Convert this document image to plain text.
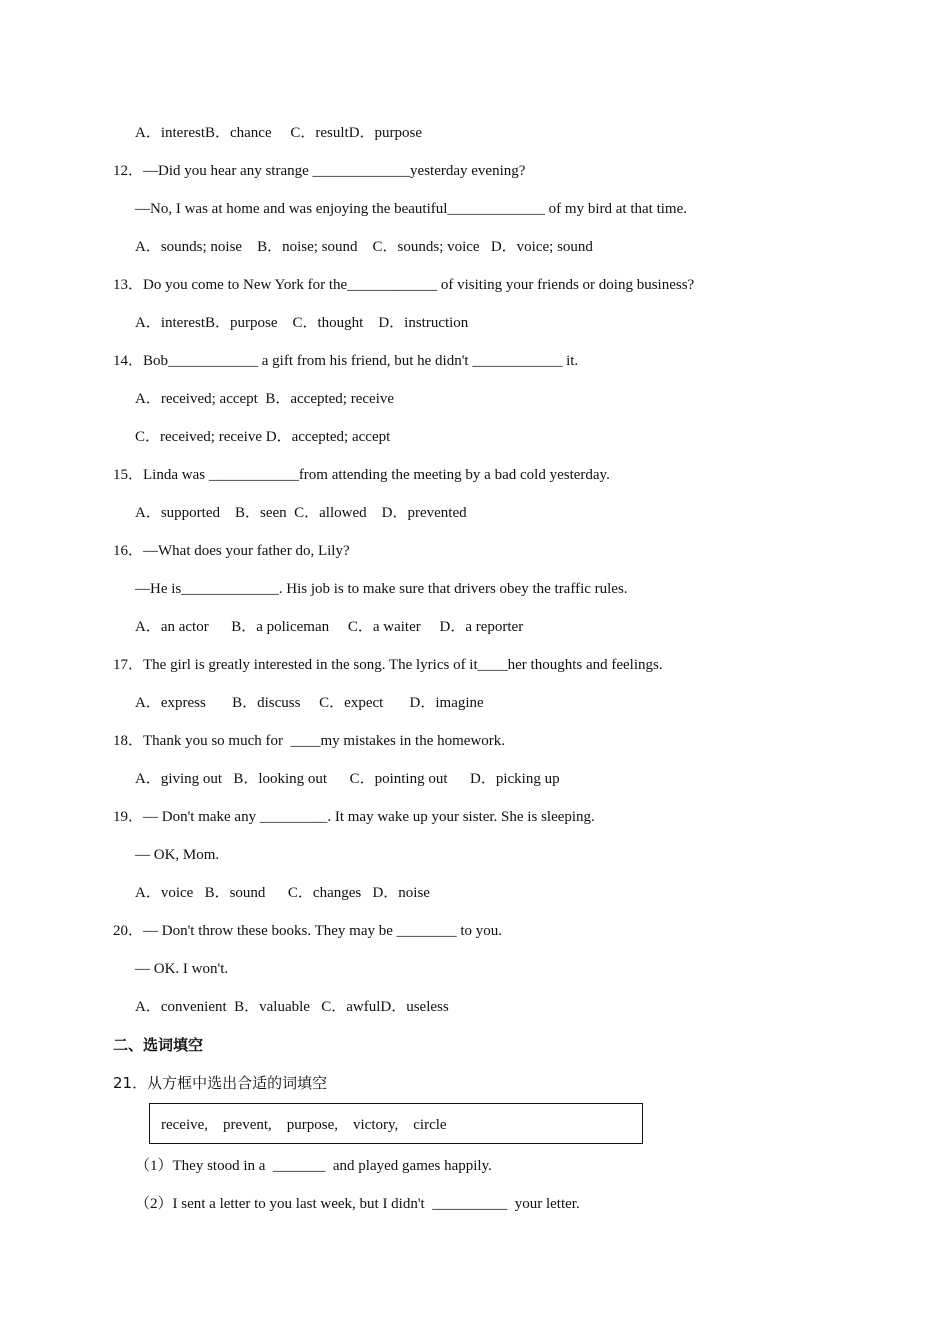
A．interestB．chance     C．resultD．purpose
12．—Did you hear any strange _____________yesterday evening?
—No, I was at home and was enjoying the beautiful_____________ of my bird at that time.
A．sounds; noise    B．noise; sound    C．sounds; voice   D．voice; sound
13．Do you come to New York for the____________ of visiting your friends or doing business?
A．interestB．purpose    C．thought    D．instruction
14．Bob____________ a gift from his friend, but he didn't ____________ it.
A．received; accept  B．accepted; receive
C．received; receive D．accepted; accept
15．Linda was ____________from attending the meeting by a bad cold yesterday.
A．supported    B．seen  C．allowed    D．prevented
16．—What does your father do, Lily?
—He is_____________. His job is to make sure that drivers obey the traffic rules.
A．an actor      B．a policeman     C．a waiter     D．a reporter
17．The girl is greatly interested in the song. The lyrics of it____her thoughts and feelings.
A．express       B．discuss     C．expect       D．imagine
18．Thank you so much for  ____my mistakes in the homework.
A．giving out   B．looking out      C．pointing out      D．picking up
19．— Don't make any _________. It may wake up your sister. She is sleeping.
— OK, Mom.
A．voice   B．sound      C．changes   D．noise
20．— Don't throw these books. They may be ________ to you.
— OK. I won't.
A．convenient  B．valuable   C．awfulD．useless
二、选词填空
21．从方框中选出合适的词填空
receive,    prevent,    purpose,    victory,    circle
（1）They stood in a  _______  and played games happily.
（2）I sent a letter to you last week, but I didn't  __________  your letter.
